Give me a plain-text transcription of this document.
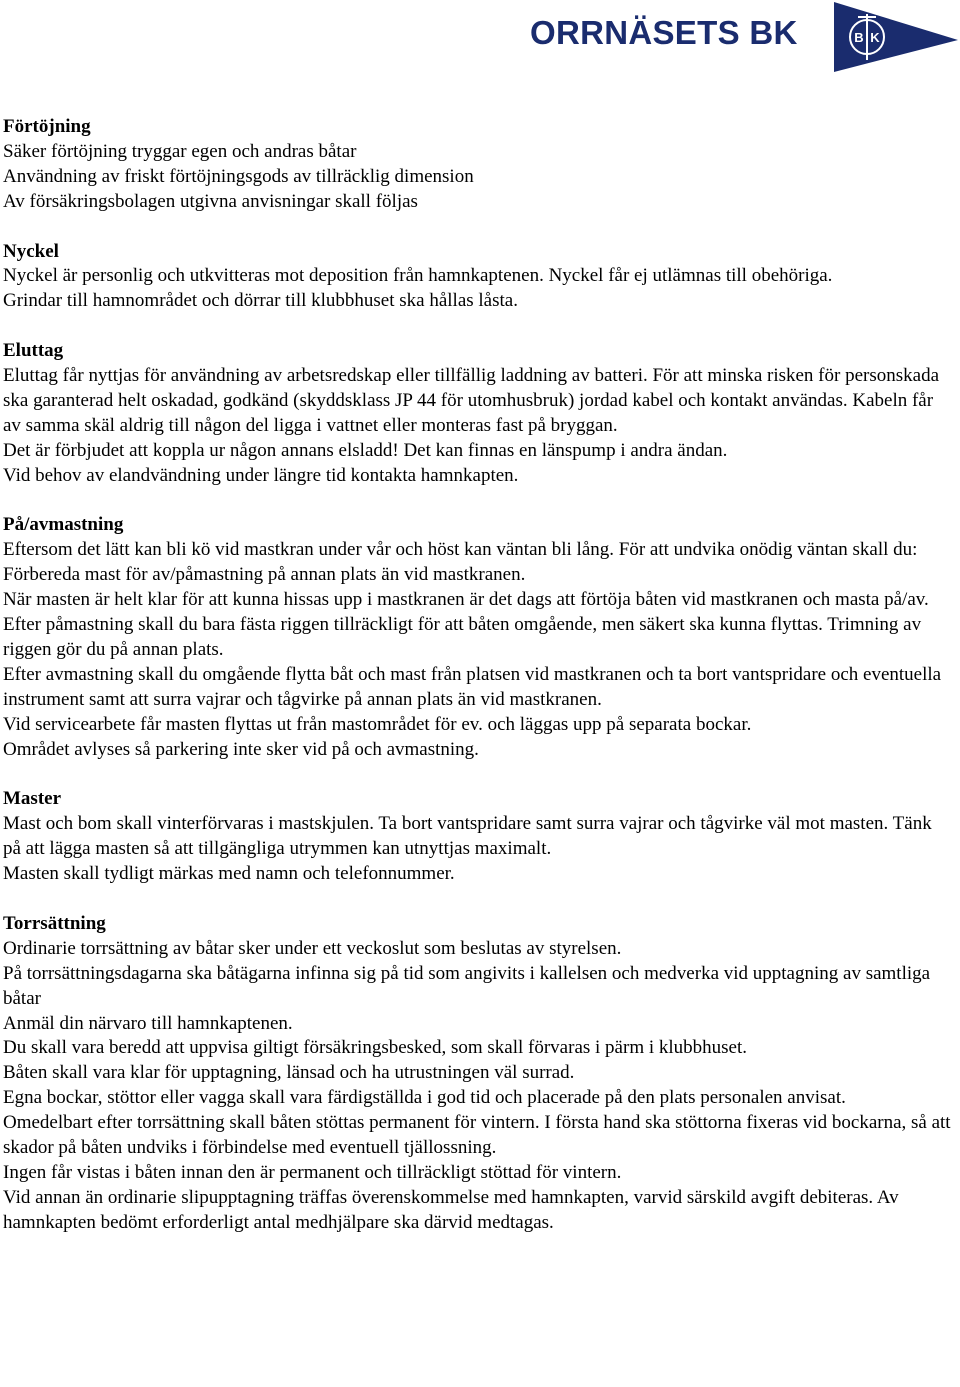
ORRNÄSETS BK	B K
Förtöjning
Säker förtöjning tryggar egen och andras båtar
Användning av friskt förtöjningsgods av tillräcklig dimension
Av försäkringsbolagen utgivna anvisningar skall följas
Nyckel
Nyckel är personlig och utkvitteras mot deposition från hamnkaptenen. Nyckel får ej utlämnas till obehöriga.
Grindar till hamnområdet och dörrar till klubbhuset ska hållas låsta.
Eluttag
Eluttag får nyttjas för användning av arbetsredskap eller tillfällig laddning av batteri. För att minska risken för personskada ska garanterad helt oskadad, godkänd (skyddsklass JP 44 för utomhusbruk) jordad kabel och kontakt användas. Kabeln får av samma skäl aldrig till någon del ligga i vattnet eller monteras fast på bryggan.
Det är förbjudet att koppla ur någon annans elsladd! Det kan finnas en länspump i andra ändan.
Vid behov av elandvändning under längre tid kontakta hamnkapten.
På/avmastning
Eftersom det lätt kan bli kö vid mastkran under vår och höst kan väntan bli lång. För att undvika onödig väntan skall du:
Förbereda mast för av/påmastning på annan plats än vid mastkranen.
När masten är helt klar för att kunna hissas upp i mastkranen är det dags att förtöja båten vid mastkranen och masta på/av.
Efter påmastning skall du bara fästa riggen tillräckligt för att båten omgående, men säkert ska kunna flyttas. Trimning av riggen gör du på annan plats.
Efter avmastning skall du omgående flytta båt och mast från platsen vid mastkranen och ta bort vantspridare och eventuella instrument samt att surra vajrar och tågvirke på annan plats än vid mastkranen.
Vid servicearbete får masten flyttas ut från mastområdet för ev. och läggas upp på separata bockar.
Området avlyses så parkering inte sker vid på och avmastning.
Master
Mast och bom skall vinterförvaras i mastskjulen. Ta bort vantspridare samt surra vajrar och tågvirke väl mot masten. Tänk på att lägga masten så att tillgängliga utrymmen kan utnyttjas maximalt.
Masten skall tydligt märkas med namn och telefonnummer.
Torrsättning
Ordinarie torrsättning av båtar sker under ett veckoslut som beslutas av styrelsen.
På torrsättningsdagarna ska båtägarna infinna sig på tid som angivits i kallelsen och medverka vid upptagning av samtliga båtar
Anmäl din närvaro till hamnkaptenen.
Du skall vara beredd att uppvisa giltigt försäkringsbesked, som skall förvaras i pärm i klubbhuset.
Båten skall vara klar för upptagning, länsad och ha utrustningen väl surrad.
Egna bockar, stöttor eller vagga skall vara färdigställda i god tid och placerade på den plats personalen anvisat.
Omedelbart efter torrsättning skall båten stöttas permanent för vintern. I första hand ska stöttorna fixeras vid bockarna, så att skador på båten undviks i förbindelse med eventuell tjällossning.
Ingen får vistas i båten innan den är permanent och tillräckligt stöttad för vintern.
Vid annan än ordinarie slipupptagning träffas överenskommelse med hamnkapten, varvid särskild avgift debiteras. Av hamnkapten bedömt erforderligt antal medhjälpare ska därvid medtagas.
